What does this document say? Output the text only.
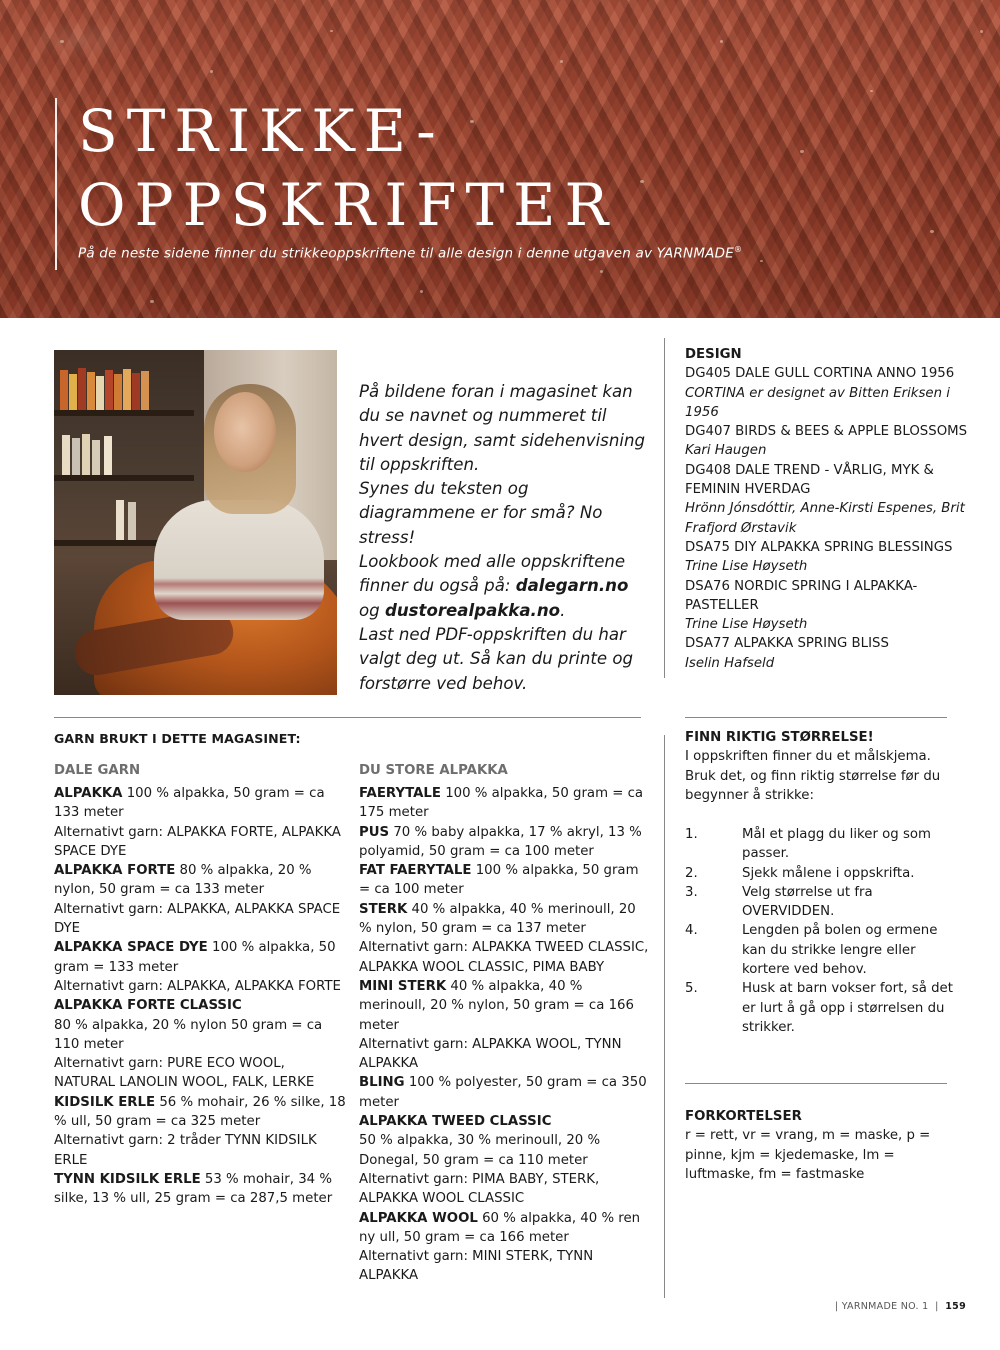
STRIKKE-
OPPSKRIFTER
På de neste sidene finner du strikkeoppskriftene til alle design i denne utgaven av YARNMADE®
På bildene foran i magasinet kan du se navnet og nummeret til hvert design, samt sidehenvisning til oppskriften.
Synes du teksten og diagrammene er for små? No stress!
Lookbook med alle oppskriftene finner du også på: dalegarn.no og dustorealpakka.no.
Last ned PDF-oppskriften du har valgt deg ut. Så kan du printe og forstørre ved behov.
DESIGN
DG405 DALE GULL CORTINA ANNO 1956
CORTINA er designet av Bitten Eriksen i 1956
DG407 BIRDS & BEES & APPLE BLOSSOMS
Kari Haugen
DG408 DALE TREND - VÅRLIG, MYK & FEMININ HVERDAG
Hrönn Jónsdóttir, Anne-Kirsti Espenes, Brit Frafjord Ørstavik
DSA75 DIY ALPAKKA SPRING BLESSINGS
Trine Lise Høyseth
DSA76 NORDIC SPRING I ALPAKKA-PASTELLER
Trine Lise Høyseth
DSA77 ALPAKKA SPRING BLISS
Iselin Hafseld
GARN BRUKT I DETTE MAGASINET:
DALE GARN
ALPAKKA 100 % alpakka, 50 gram = ca 133 meter
Alternativt garn: ALPAKKA FORTE, ALPAKKA SPACE DYE
ALPAKKA FORTE 80 % alpakka, 20 % nylon, 50 gram = ca 133 meter
Alternativt garn: ALPAKKA, ALPAKKA SPACE DYE
ALPAKKA SPACE DYE 100 % alpakka, 50 gram = 133 meter
Alternativt garn: ALPAKKA, ALPAKKA FORTE
ALPAKKA FORTE CLASSIC
80 % alpakka, 20 % nylon 50 gram = ca 110 meter
Alternativt garn: PURE ECO WOOL, NATURAL LANOLIN WOOL, FALK, LERKE
KIDSILK ERLE 56 % mohair, 26 % silke, 18 % ull, 50 gram = ca 325 meter
Alternativt garn: 2 tråder TYNN KIDSILK ERLE
TYNN KIDSILK ERLE 53 % mohair, 34 % silke, 13 % ull, 25 gram = ca 287,5 meter
DU STORE ALPAKKA
FAERYTALE 100 % alpakka, 50 gram = ca 175 meter
PUS 70 % baby alpakka, 17 % akryl, 13 % polyamid, 50 gram = ca 100 meter
FAT FAERYTALE 100 % alpakka, 50 gram = ca 100 meter
STERK 40 % alpakka, 40 % merinoull, 20 % nylon, 50 gram = ca 137 meter
Alternativt garn: ALPAKKA TWEED CLASSIC, ALPAKKA WOOL CLASSIC, PIMA BABY
MINI STERK 40 % alpakka, 40 % merinoull, 20 % nylon, 50 gram = ca 166 meter
Alternativt garn: ALPAKKA WOOL, TYNN ALPAKKA
BLING 100 % polyester, 50 gram = ca 350 meter
ALPAKKA TWEED CLASSIC
50 % alpakka, 30 % merinoull, 20 % Donegal, 50 gram = ca 110 meter
Alternativt garn: PIMA BABY, STERK, ALPAKKA WOOL CLASSIC
ALPAKKA WOOL 60 % alpakka, 40 % ren ny ull, 50 gram = ca 166 meter
Alternativt garn: MINI STERK, TYNN ALPAKKA
FINN RIKTIG STØRRELSE!
I oppskriften finner du et målskjema. Bruk det, og finn riktig størrelse før du begynner å strikke:
1.	Mål et plagg du liker og som passer.
2.	Sjekk målene i oppskrifta.
3.	Velg størrelse ut fra OVERVIDDEN.
4.	Lengden på bolen og ermene kan du strikke lengre eller kortere ved behov.
5.	Husk at barn vokser fort, så det er lurt å gå opp i størrelsen du strikker.
FORKORTELSER
r = rett, vr = vrang, m = maske, p = pinne, kjm = kjedemaske, lm = luftmaske, fm = fastmaske
| YARNMADE NO. 1  |  159
